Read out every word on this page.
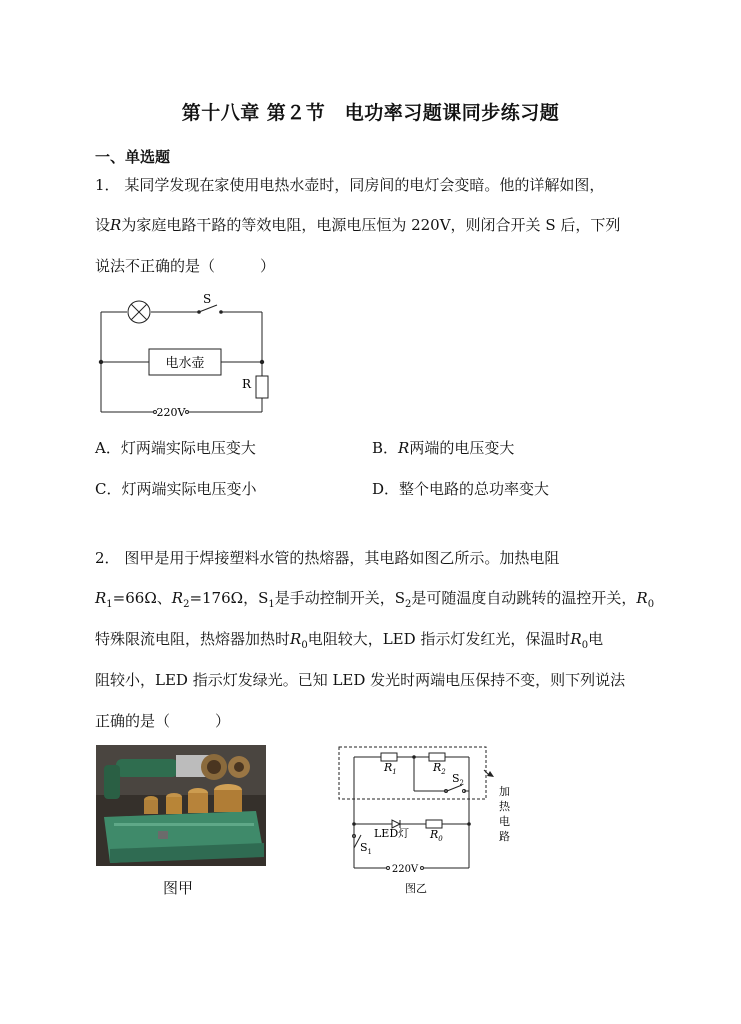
第十八章 第２节　电功率习题课同步练习题
一、单选题
1． 某同学发现在家使用电热水壶时，同房间的电灯会变暗。他的详解如图，
设R为家庭电路干路的等效电阻，电源电压恒为 220V，则闭合开关 S 后，下列
说法不正确的是（　　　）
S
电水壶
R
220V
A．灯两端实际电压变大	B．R两端的电压变大
C．灯两端实际电压变小	D．整个电路的总功率变大
2． 图甲是用于焊接塑料水管的热熔器，其电路如图乙所示。加热电阻
$R_1=66\Omega$、$R_2=176\Omega$，$S_1$是手动控制开关，$S_2$是可随温度自动跳转的温控开关，$R_0$
特殊限流电阻，热熔器加热时$R_0$电阻较大，LED 指示灯发红光，保温时$R_0$电
阻较小，LED 指示灯发绿光。已知 LED 发光时两端电压保持不变，则下列说法
正确的是（　　　）
图甲
$R_1$	$R_2$ $S_2$
LED灯 $R_0$
$S_1$
220V
加
热
电
路
图乙
